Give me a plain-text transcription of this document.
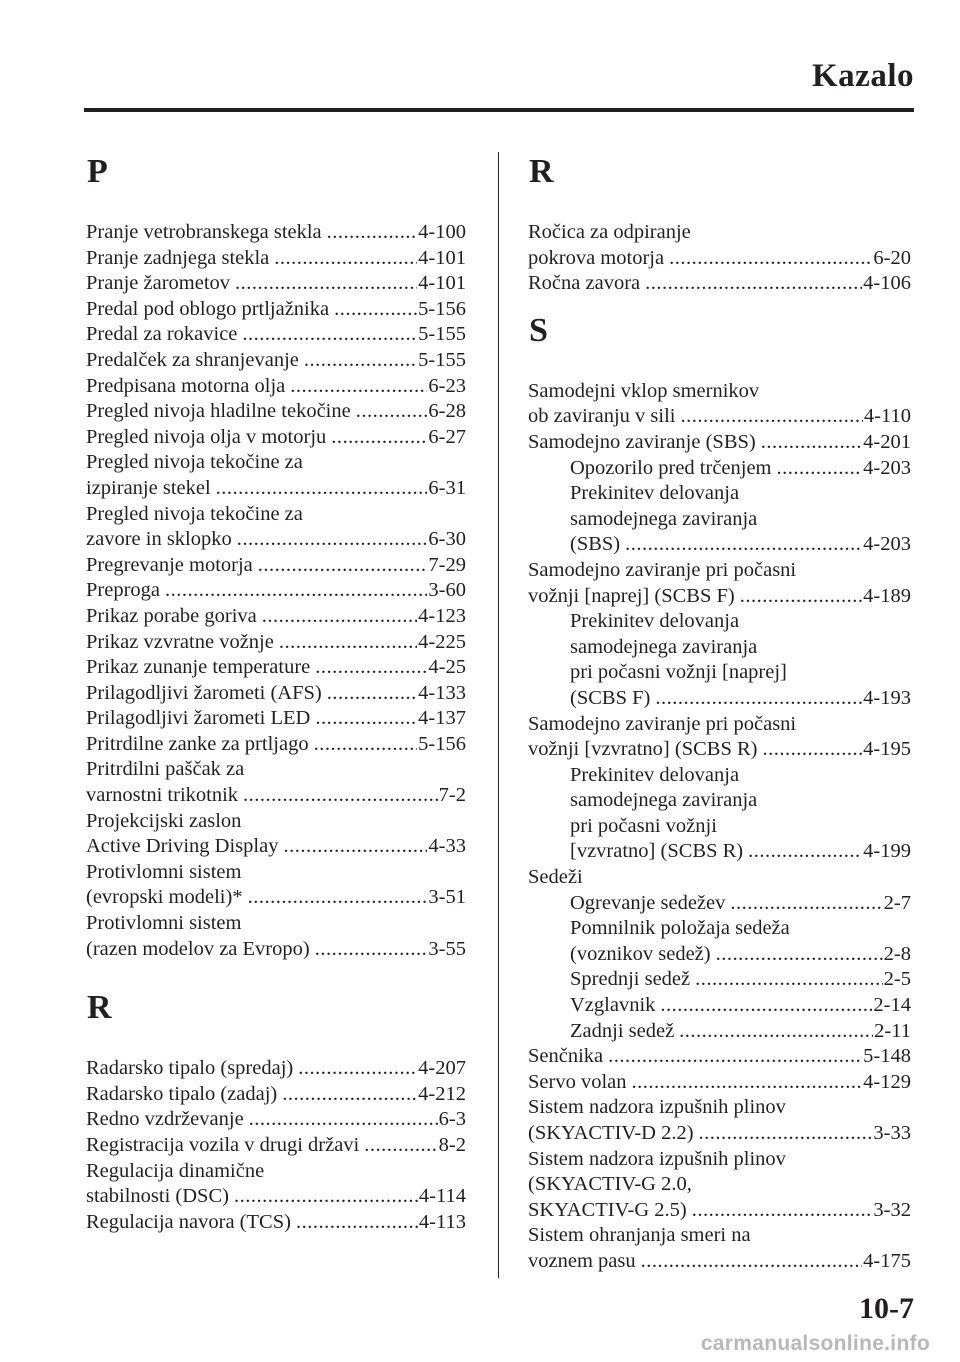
Kazalo
P
Pranje vetrobranskega stekla .....	4-100
Pranje zadnjega stekla .....	4-101
Pranje žarometov .....	4-101
Predal pod oblogo prtljažnika .....	5-156
Predal za rokavice .....	5-155
Predalček za shranjevanje .....	5-155
Predpisana motorna olja .....	6-23
Pregled nivoja hladilne tekočine .....	6-28
Pregled nivoja olja v motorju .....	6-27
Pregled nivoja tekočine za
izpiranje stekel .....	6-31
Pregled nivoja tekočine za
zavore in sklopko .....	6-30
Pregrevanje motorja .....	7-29
Preproga .....	3-60
Prikaz porabe goriva .....	4-123
Prikaz vzvratne vožnje .....	4-225
Prikaz zunanje temperature .....	4-25
Prilagodljivi žarometi (AFS) .....	4-133
Prilagodljivi žarometi LED .....	4-137
Pritrdilne zanke za prtljago .....	5-156
Pritrdilni paščak za
varnostni trikotnik .....	7-2
Projekcijski zaslon
Active Driving Display .....	4-33
Protivlomni sistem
(evropski modeli)* .....	3-51
Protivlomni sistem
(razen modelov za Evropo) .....	3-55
R
Radarsko tipalo (spredaj) .....	4-207
Radarsko tipalo (zadaj) .....	4-212
Redno vzdrževanje .....	6-3
Registracija vozila v drugi državi .....	8-2
Regulacija dinamične
stabilnosti (DSC) .....	4-114
Regulacija navora (TCS) .....	4-113
R
Ročica za odpiranje
pokrova motorja .....	6-20
Ročna zavora .....	4-106
S
Samodejni vklop smernikov
ob zaviranju v sili .....	4-110
Samodejno zaviranje (SBS) .....	4-201
Opozorilo pred trčenjem .....	4-203
Prekinitev delovanja
samodejnega zaviranja
(SBS) .....	4-203
Samodejno zaviranje pri počasni
vožnji [naprej] (SCBS F) .....	4-189
Prekinitev delovanja
samodejnega zaviranja
pri počasni vožnji [naprej]
(SCBS F) .....	4-193
Samodejno zaviranje pri počasni
vožnji [vzvratno] (SCBS R) .....	4-195
Prekinitev delovanja
samodejnega zaviranja
pri počasni vožnji
[vzvratno] (SCBS R) .....	4-199
Sedeži
Ogrevanje sedežev .....	2-7
Pomnilnik položaja sedeža
(voznikov sedež) .....	2-8
Sprednji sedež .....	2-5
Vzglavnik .....	2-14
Zadnji sedež .....	2-11
Senčnika .....	5-148
Servo volan .....	4-129
Sistem nadzora izpušnih plinov
(SKYACTIV-D 2.2) .....	3-33
Sistem nadzora izpušnih plinov
(SKYACTIV-G 2.0,
SKYACTIV-G 2.5) .....	3-32
Sistem ohranjanja smeri na
voznem pasu .....	4-175
10-7
carmanualsonline.info
